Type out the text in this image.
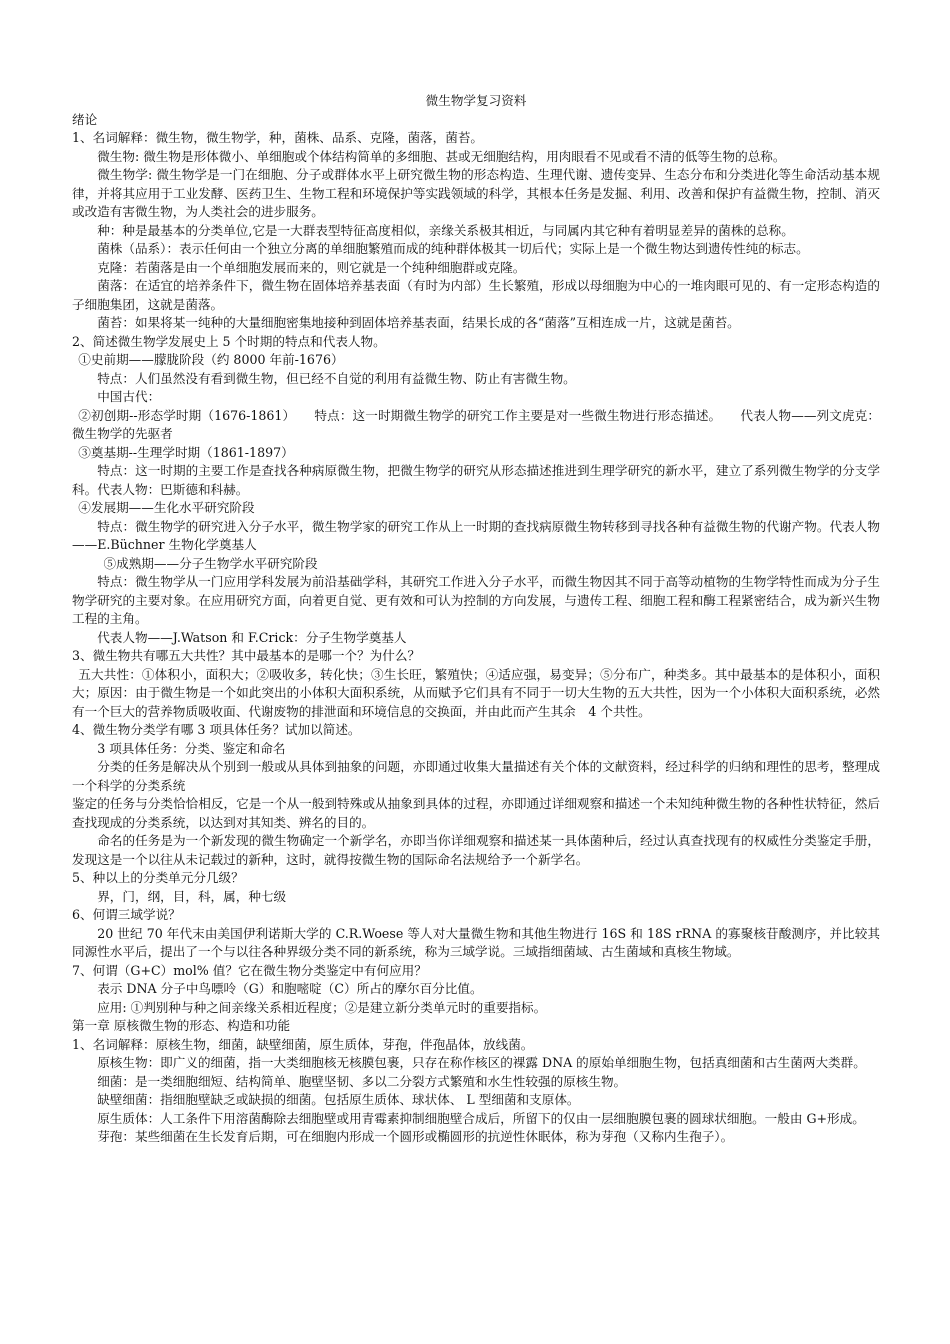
微生物学复习资料

绪论

1、名词解释：微生物，微生物学，种，菌株、品系、克隆，菌落，菌苔。

微生物: 微生物是形体微小、单细胞或个体结构简单的多细胞、甚或无细胞结构，用肉眼看不见或看不清的低等生物的总称。

微生物学: 微生物学是一门在细胞、分子或群体水平上研究微生物的形态构造、生理代谢、遗传变异、生态分布和分类进化等生命活动基本规律，并将其应用于工业发酵、医药卫生、生物工程和环境保护等实践领域的科学，其根本任务是发掘、利用、改善和保护有益微生物，控制、消灭或改造有害微生物，为人类社会的进步服务。

种：种是最基本的分类单位,它是一大群表型特征高度相似，亲缘关系极其相近，与同属内其它种有着明显差异的菌株的总称。

菌株（品系）：表示任何由一个独立分离的单细胞繁殖而成的纯种群体极其一切后代；实际上是一个微生物达到遗传性纯的标志。

克隆：若菌落是由一个单细胞发展而来的，则它就是一个纯种细胞群或克隆。

菌落：在适宜的培养条件下，微生物在固体培养基表面（有时为内部）生长繁殖，形成以母细胞为中心的一堆肉眼可见的、有一定形态构造的子细胞集团，这就是菌落。

菌苔：如果将某一纯种的大量细胞密集地接种到固体培养基表面，结果长成的各“菌落”互相连成一片，这就是菌苔。

2、简述微生物学发展史上 5 个时期的特点和代表人物。

①史前期——朦胧阶段（约 8000 年前-1676）

特点：人们虽然没有看到微生物，但已经不自觉的利用有益微生物、防止有害微生物。

中国古代：

②初创期--形态学时期（1676-1861）　　特点：这一时期微生物学的研究工作主要是对一些微生物进行形态描述。　　代表人物——列文虎克：微生物学的先驱者

③奠基期--生理学时期（1861-1897）

特点：这一时期的主要工作是查找各种病原微生物，把微生物学的研究从形态描述推进到生理学研究的新水平，建立了系列微生物学的分支学科。代表人物：巴斯德和科赫。

④发展期——生化水平研究阶段

特点：微生物学的研究进入分子水平，微生物学家的研究工作从上一时期的查找病原微生物转移到寻找各种有益微生物的代谢产物。代表人物——E.Büchner 生物化学奠基人

⑤成熟期——分子生物学水平研究阶段

特点：微生物学从一门应用学科发展为前沿基础学科，其研究工作进入分子水平，而微生物因其不同于高等动植物的生物学特性而成为分子生物学研究的主要对象。在应用研究方面，向着更自觉、更有效和可认为控制的方向发展，与遗传工程、细胞工程和酶工程紧密结合，成为新兴生物工程的主角。

代表人物——J.Watson 和 F.Crick：分子生物学奠基人

3、微生物共有哪五大共性？其中最基本的是哪一个？为什么？

五大共性：①体积小，面积大；②吸收多，转化快；③生长旺，繁殖快；④适应强，易变异；⑤分布广，种类多。其中最基本的是体积小，面积大；原因：由于微生物是一个如此突出的小体积大面积系统，从而赋予它们具有不同于一切大生物的五大共性，因为一个小体积大面积系统，必然有一个巨大的营养物质吸收面、代谢废物的排泄面和环境信息的交换面，并由此而产生其余　4 个共性。

4、微生物分类学有哪 3 项具体任务？试加以简述。

3 项具体任务：分类、鉴定和命名

分类的任务是解决从个别到一般或从具体到抽象的问题，亦即通过收集大量描述有关个体的文献资料，经过科学的归纳和理性的思考，整理成一个科学的分类系统

鉴定的任务与分类恰恰相反，它是一个从一般到特殊或从抽象到具体的过程，亦即通过详细观察和描述一个未知纯种微生物的各种性状特征，然后查找现成的分类系统，以达到对其知类、辨名的目的。

命名的任务是为一个新发现的微生物确定一个新学名，亦即当你详细观察和描述某一具体菌种后，经过认真查找现有的权威性分类鉴定手册，发现这是一个以往从未记载过的新种，这时，就得按微生物的国际命名法规给予一个新学名。

5、种以上的分类单元分几级？

界，门，纲，目，科，属，种七级

6、何谓三域学说？

20 世纪 70 年代末由美国伊利诺斯大学的 C.R.Woese 等人对大量微生物和其他生物进行 16S 和 18S rRNA 的寡聚核苷酸测序，并比较其同源性水平后，提出了一个与以往各种界级分类不同的新系统，称为三域学说。三域指细菌域、古生菌域和真核生物域。

7、何谓（G+C）mol% 值？它在微生物分类鉴定中有何应用？

表示 DNA 分子中鸟嘌呤（G）和胞嘧啶（C）所占的摩尔百分比值。

应用: ①判别种与种之间亲缘关系相近程度；②是建立新分类单元时的重要指标。

第一章 原核微生物的形态、构造和功能

1、名词解释：原核生物，细菌，缺壁细菌，原生质体，芽孢，伴孢晶体，放线菌。

原核生物：即广义的细菌，指一大类细胞核无核膜包裹，只存在称作核区的裸露 DNA 的原始单细胞生物，包括真细菌和古生菌两大类群。

细菌：是一类细胞细短、结构简单、胞壁坚韧、多以二分裂方式繁殖和水生性较强的原核生物。

缺壁细菌：指细胞壁缺乏或缺损的细菌。包括原生质体、球状体、 L 型细菌和支原体。

原生质体：人工条件下用溶菌酶除去细胞壁或用青霉素抑制细胞壁合成后，所留下的仅由一层细胞膜包裹的圆球状细胞。一般由 G+形成。

芽孢：某些细菌在生长发育后期，可在细胞内形成一个圆形或椭圆形的抗逆性休眠体，称为芽孢（又称内生孢子）。
